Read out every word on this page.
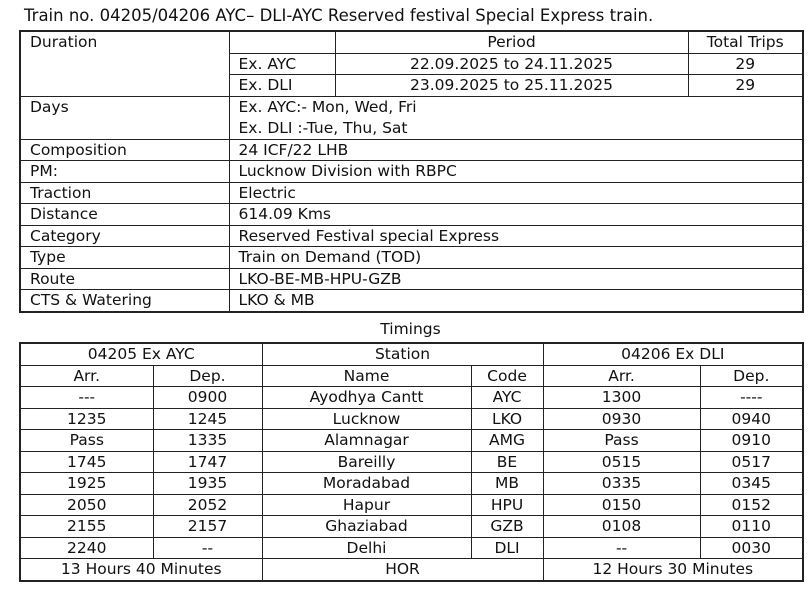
Train no. 04205/04206 AYC– DLI-AYC Reserved festival Special Express train.
Duration		Period	Total Trips
	Ex. AYC	22.09.2025 to 24.11.2025	29
	Ex. DLI	23.09.2025 to 25.11.2025	29
Days	Ex. AYC:- Mon, Wed, Fri
Ex. DLI :-Tue, Thu, Sat		

Composition	24 ICF/22 LHB		
PM:	Lucknow Division with RBPC		
Traction	Electric		
Distance	614.09 Kms		
Category	Reserved Festival special Express		
Type	Train on Demand (TOD)		
Route	LKO-BE-MB-HPU-GZB		
CTS & Watering	LKO & MB		
Timings
04205 Ex AYC		Station		04206 Ex DLI	
Arr.	Dep.	Name	Code	Arr.	Dep.
---	0900	Ayodhya Cantt	AYC	1300	----
1235	1245	Lucknow	LKO	0930	0940
Pass	1335	Alamnagar	AMG	Pass	0910
1745	1747	Bareilly	BE	0515	0517
1925	1935	Moradabad	MB	0335	0345
2050	2052	Hapur	HPU	0150	0152
2155	2157	Ghaziabad	GZB	0108	0110
2240	--	Delhi	DLI	--	0030
13 Hours 40 Minutes		HOR		12 Hours 30 Minutes	
